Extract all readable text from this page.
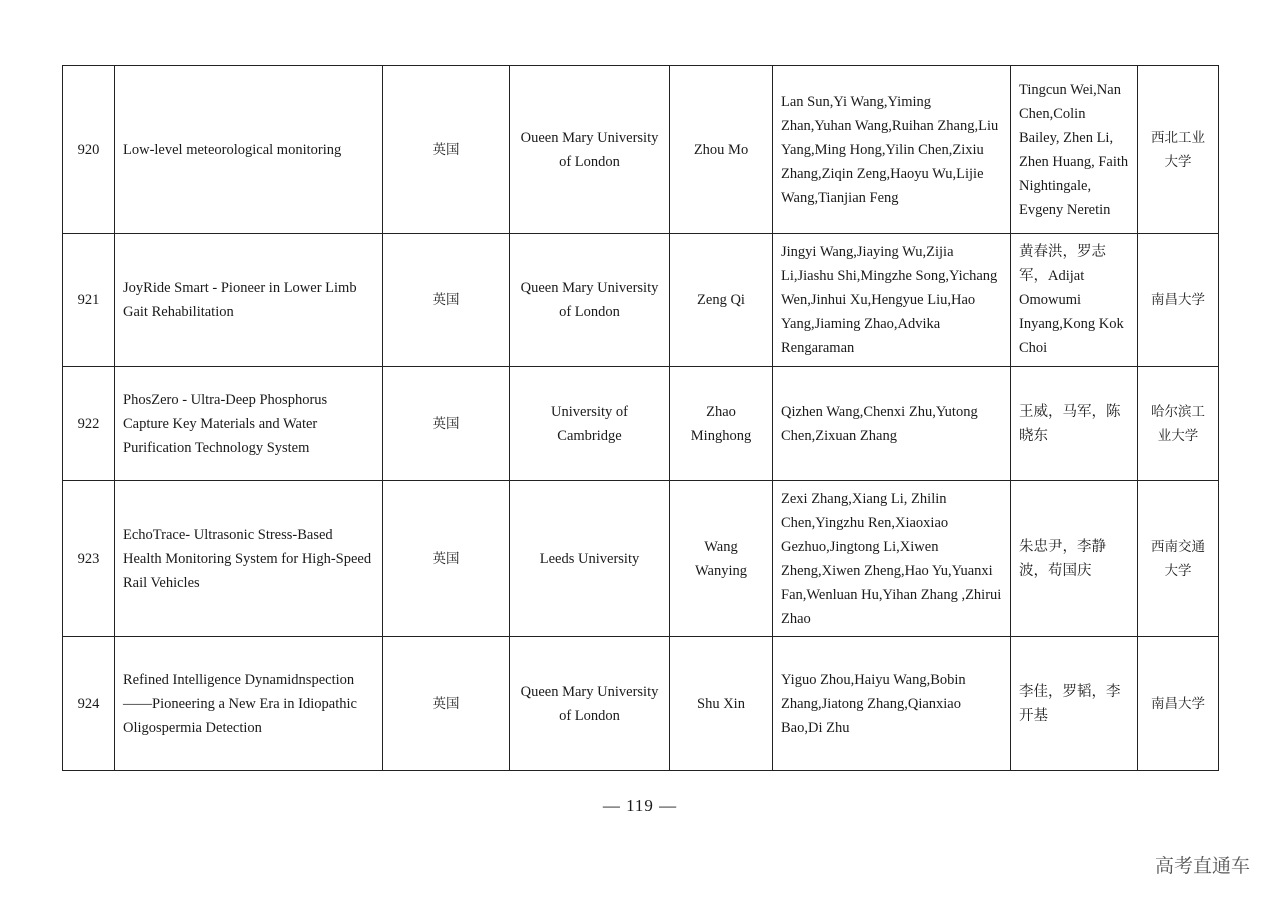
920	Low-level meteorological monitoring	英国	Oueen Mary University of London	Zhou Mo	Lan Sun,Yi Wang,Yiming Zhan,Yuhan Wang,Ruihan Zhang,Liu Yang,Ming Hong,Yilin Chen,Zixiu Zhang,Ziqin Zeng,Haoyu Wu,Lijie Wang,Tianjian Feng	Tingcun Wei,Nan Chen,Colin Bailey, Zhen Li, Zhen Huang, Faith Nightingale, Evgeny Neretin	西北工业大学
921	JoyRide Smart - Pioneer in Lower Limb Gait Rehabilitation	英国	Queen Mary University of London	Zeng Qi	Jingyi Wang,Jiaying Wu,Zijia Li,Jiashu Shi,Mingzhe Song,Yichang Wen,Jinhui Xu,Hengyue Liu,Hao Yang,Jiaming Zhao,Advika Rengaraman	黄春洪，罗志军，Adijat Omowumi Inyang,Kong Kok Choi	南昌大学
922	PhosZero - Ultra-Deep Phosphorus Capture Key Materials and Water Purification Technology System	英国	University of Cambridge	Zhao Minghong	Qizhen Wang,Chenxi Zhu,Yutong Chen,Zixuan Zhang	王威，马军，陈晓东	哈尔滨工业大学
923	EchoTrace- Ultrasonic Stress-Based Health Monitoring System for High-Speed Rail Vehicles	英国	Leeds University	Wang Wanying	Zexi Zhang,Xiang Li, Zhilin Chen,Yingzhu Ren,Xiaoxiao Gezhuo,Jingtong Li,Xiwen Zheng,Xiwen Zheng,Hao Yu,Yuanxi Fan,Wenluan Hu,Yihan Zhang ,Zhirui Zhao	朱忠尹，李静波，苟国庆	西南交通大学
924	Refined Intelligence Dynamidnspection——Pioneering a New Era in Idiopathic Oligospermia Detection	英国	Queen Mary University of London	Shu Xin	Yiguo Zhou,Haiyu Wang,Bobin Zhang,Jiatong Zhang,Qianxiao Bao,Di Zhu	李佳，罗韬，李开基	南昌大学
— 119 —
高考直通车
